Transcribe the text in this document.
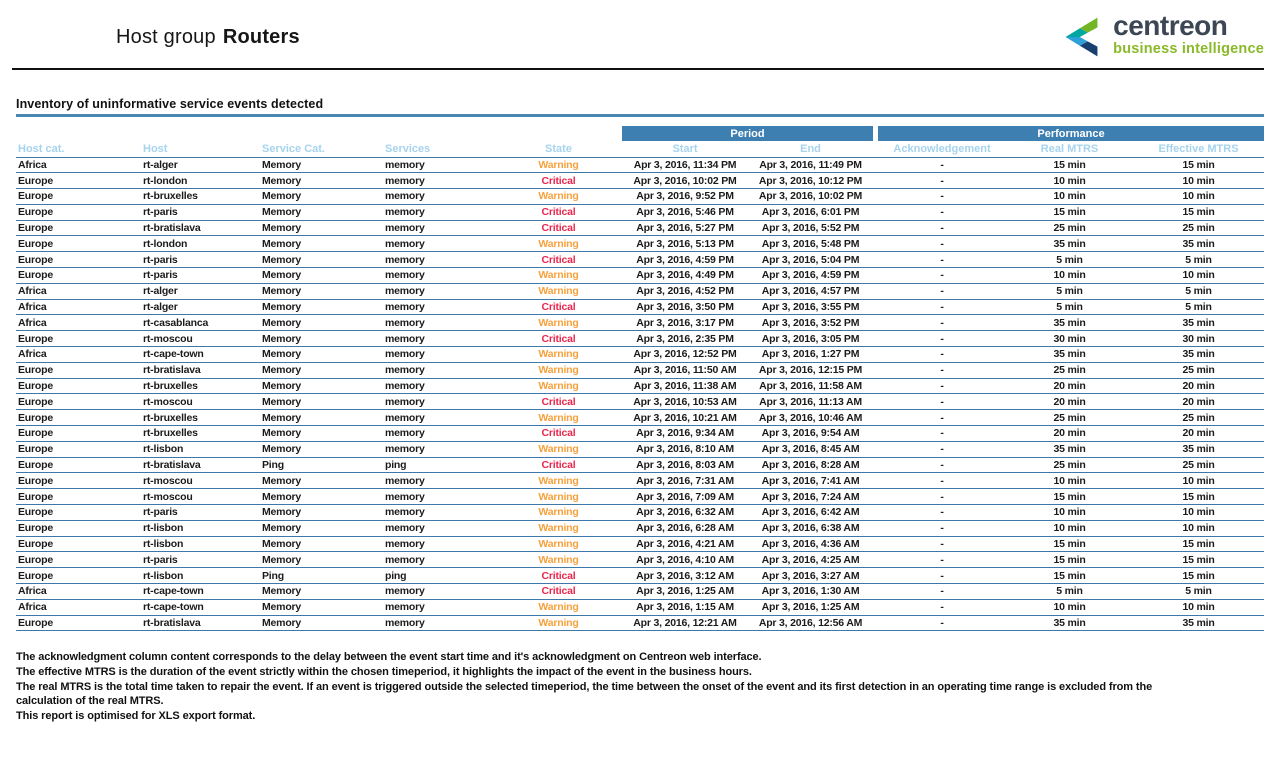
Host group Routers	centreon
business intelligence
Inventory of uninformative service events detected
					Period			Performance		
Host cat.	Host	Service Cat.	Services	State	Start	End		Acknowledgement	Real MTRS	Effective MTRS
Africa	rt-alger	Memory	memory	Warning	Apr 3, 2016, 11:34 PM	Apr 3, 2016, 11:49 PM		-	15 min	15 min
Europe	rt-london	Memory	memory	Critical	Apr 3, 2016, 10:02 PM	Apr 3, 2016, 10:12 PM		-	10 min	10 min
Europe	rt-bruxelles	Memory	memory	Warning	Apr 3, 2016, 9:52 PM	Apr 3, 2016, 10:02 PM		-	10 min	10 min
Europe	rt-paris	Memory	memory	Critical	Apr 3, 2016, 5:46 PM	Apr 3, 2016, 6:01 PM		-	15 min	15 min
Europe	rt-bratislava	Memory	memory	Critical	Apr 3, 2016, 5:27 PM	Apr 3, 2016, 5:52 PM		-	25 min	25 min
Europe	rt-london	Memory	memory	Warning	Apr 3, 2016, 5:13 PM	Apr 3, 2016, 5:48 PM		-	35 min	35 min
Europe	rt-paris	Memory	memory	Critical	Apr 3, 2016, 4:59 PM	Apr 3, 2016, 5:04 PM		-	5 min	5 min
Europe	rt-paris	Memory	memory	Warning	Apr 3, 2016, 4:49 PM	Apr 3, 2016, 4:59 PM		-	10 min	10 min
Africa	rt-alger	Memory	memory	Warning	Apr 3, 2016, 4:52 PM	Apr 3, 2016, 4:57 PM		-	5 min	5 min
Africa	rt-alger	Memory	memory	Critical	Apr 3, 2016, 3:50 PM	Apr 3, 2016, 3:55 PM		-	5 min	5 min
Africa	rt-casablanca	Memory	memory	Warning	Apr 3, 2016, 3:17 PM	Apr 3, 2016, 3:52 PM		-	35 min	35 min
Europe	rt-moscou	Memory	memory	Critical	Apr 3, 2016, 2:35 PM	Apr 3, 2016, 3:05 PM		-	30 min	30 min
Africa	rt-cape-town	Memory	memory	Warning	Apr 3, 2016, 12:52 PM	Apr 3, 2016, 1:27 PM		-	35 min	35 min
Europe	rt-bratislava	Memory	memory	Warning	Apr 3, 2016, 11:50 AM	Apr 3, 2016, 12:15 PM		-	25 min	25 min
Europe	rt-bruxelles	Memory	memory	Warning	Apr 3, 2016, 11:38 AM	Apr 3, 2016, 11:58 AM		-	20 min	20 min
Europe	rt-moscou	Memory	memory	Critical	Apr 3, 2016, 10:53 AM	Apr 3, 2016, 11:13 AM		-	20 min	20 min
Europe	rt-bruxelles	Memory	memory	Warning	Apr 3, 2016, 10:21 AM	Apr 3, 2016, 10:46 AM		-	25 min	25 min
Europe	rt-bruxelles	Memory	memory	Critical	Apr 3, 2016, 9:34 AM	Apr 3, 2016, 9:54 AM		-	20 min	20 min
Europe	rt-lisbon	Memory	memory	Warning	Apr 3, 2016, 8:10 AM	Apr 3, 2016, 8:45 AM		-	35 min	35 min
Europe	rt-bratislava	Ping	ping	Critical	Apr 3, 2016, 8:03 AM	Apr 3, 2016, 8:28 AM		-	25 min	25 min
Europe	rt-moscou	Memory	memory	Warning	Apr 3, 2016, 7:31 AM	Apr 3, 2016, 7:41 AM		-	10 min	10 min
Europe	rt-moscou	Memory	memory	Warning	Apr 3, 2016, 7:09 AM	Apr 3, 2016, 7:24 AM		-	15 min	15 min
Europe	rt-paris	Memory	memory	Warning	Apr 3, 2016, 6:32 AM	Apr 3, 2016, 6:42 AM		-	10 min	10 min
Europe	rt-lisbon	Memory	memory	Warning	Apr 3, 2016, 6:28 AM	Apr 3, 2016, 6:38 AM		-	10 min	10 min
Europe	rt-lisbon	Memory	memory	Warning	Apr 3, 2016, 4:21 AM	Apr 3, 2016, 4:36 AM		-	15 min	15 min
Europe	rt-paris	Memory	memory	Warning	Apr 3, 2016, 4:10 AM	Apr 3, 2016, 4:25 AM		-	15 min	15 min
Europe	rt-lisbon	Ping	ping	Critical	Apr 3, 2016, 3:12 AM	Apr 3, 2016, 3:27 AM		-	15 min	15 min
Africa	rt-cape-town	Memory	memory	Critical	Apr 3, 2016, 1:25 AM	Apr 3, 2016, 1:30 AM		-	5 min	5 min
Africa	rt-cape-town	Memory	memory	Warning	Apr 3, 2016, 1:15 AM	Apr 3, 2016, 1:25 AM		-	10 min	10 min
Europe	rt-bratislava	Memory	memory	Warning	Apr 3, 2016, 12:21 AM	Apr 3, 2016, 12:56 AM		-	35 min	35 min
The acknowledgment column content corresponds to the delay between the event start time and it's acknowledgment on Centreon web interface.
The effective MTRS is the duration of the event strictly within the chosen timeperiod, it highlights the impact of the event in the business hours.
The real MTRS is the total time taken to repair the event. If an event is triggered outside the selected timeperiod, the time between the onset of the event and its first detection in an operating time range is excluded from the
calculation of the real MTRS.
This report is optimised for XLS export format.
